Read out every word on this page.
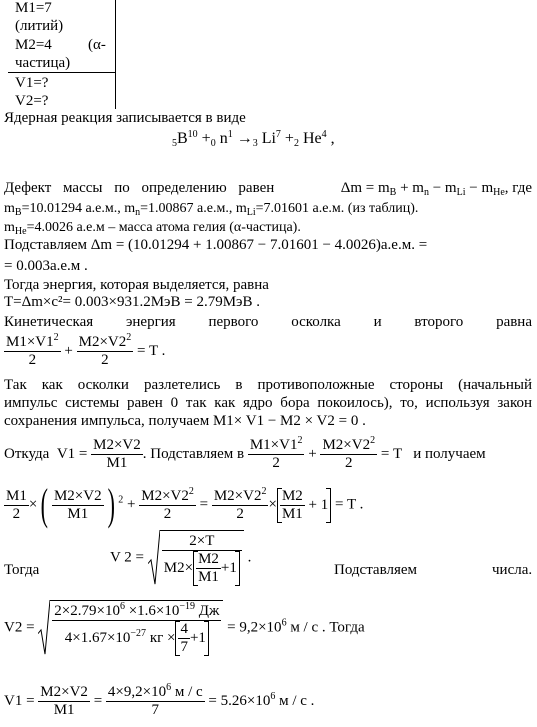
M1=7
(литий)
M2=4 (α-
частица)
V1=?
V2=?
Ядерная реакция записывается в виде
$_5B^{10} +_0$ $n^1 \to_3$ $Li^7 +_2$ He$^4$ ,
Дефект массы по определению равен	$\Delta m = m_B + m_n - m_{Li} - m_{He}$, где
$m_B=10.01294$ а.е.м., $m_n=1.00867$ а.е.м., $m_{Li}=7.01601$ а.е.м. (из таблиц).
$m_{He}=4.0026$ а.е.м – масса атома гелия (α-частица).
Подставляем Δm = (10.01294 + 1.00867 − 7.01601 − 4.0026)а.е.м. =
= 0.003а.е.м .
Тогда энергия, которая выделяется, равна
T=Δm×c²= 0.003×931.2МэВ = 2.79МэВ .
Кинетическая энергия первого осколка и второго равна
$\frac{M1\times V1^2}{2} + \frac{M2\times V2^2}{2} = T$ .
Так как осколки разлетелись в противоположные стороны (начальный
импульс системы равен 0 так как ядро бора покоилось), то, используя закон
сохранения импульса, получаем M1× V1 − M2 × V2 = 0 .
Откуда  $V1 = \frac{M2\times V2}{M1}$ . Подставляем в $\frac{M1\times V1^2}{2} + \frac{M2\times V2^2}{2} = T$   и получаем
$\frac{M1}{2}$ ×( $\frac{M2\times V2}{M1}$ ) $^2 + \frac{M2\times V2^2}{2} = \frac{M2\times V2^2}{2} \times \frac{M2}{M1} + 1 = T$ .
Тогда
V $2 = \frac{2\times T}{M2\times \frac{M2}{M1} +1}$ .
Подставляем	числа.
$V2 = \frac{2\times 2.79\times 10^6 \times 1.6\times 10^{-19} Дж}{4\times 1.67\times 10^{-27} кг \times \frac{4}{7} +1} = 9,2\times 10^6$ м / с . Тогда
$V1 = \frac{M2\times V2}{M1} = \frac{4\times 9,2\times 10^6 м / с}{7} = 5.26\times 10^6$ м / с .
